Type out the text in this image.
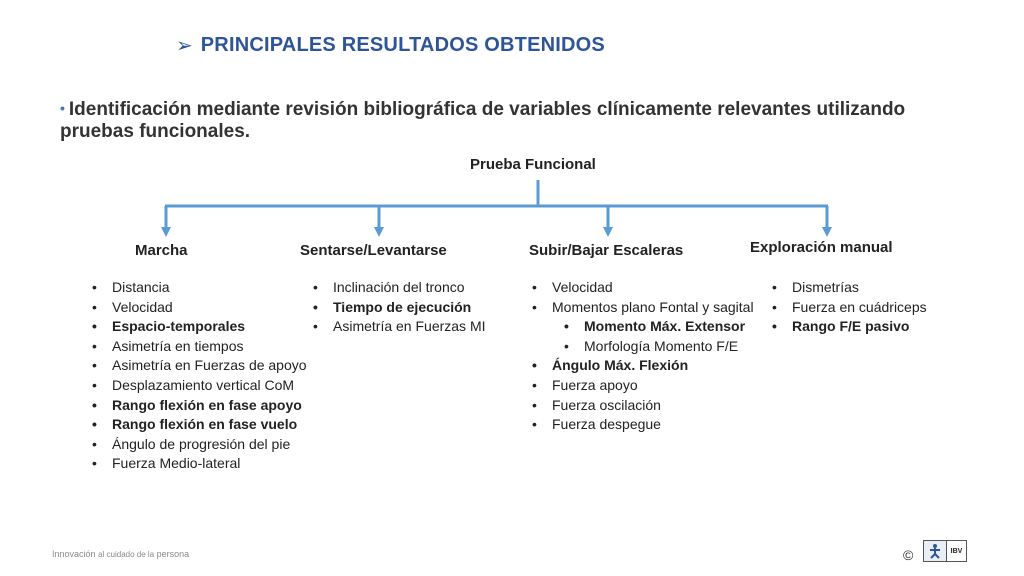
➢ PRINCIPALES RESULTADOS OBTENIDOS
• Identificación mediante revisión bibliográfica de variables clínicamente relevantes utilizando pruebas funcionales.
Prueba Funcional
Marcha	Sentarse/Levantarse	Subir/Bajar Escaleras	Exploración manual
• Distancia
• Velocidad
• Espacio-temporales
• Asimetría en tiempos
• Asimetría en Fuerzas de apoyo
• Desplazamiento vertical CoM
• Rango flexión en fase apoyo
• Rango flexión en fase vuelo
• Ángulo de progresión del pie
• Fuerza Medio-lateral
• Inclinación del tronco
• Tiempo de ejecución
• Asimetría en Fuerzas MI
• Velocidad
• Momentos plano Fontal y sagital
• Momento Máx. Extensor
• Morfología Momento F/E
• Ángulo Máx. Flexión
• Fuerza apoyo
• Fuerza oscilación
• Fuerza despegue
• Dismetrías
• Fuerza en cuádriceps
• Rango F/E pasivo
Innovación al cuidado de la persona	©	IBV
